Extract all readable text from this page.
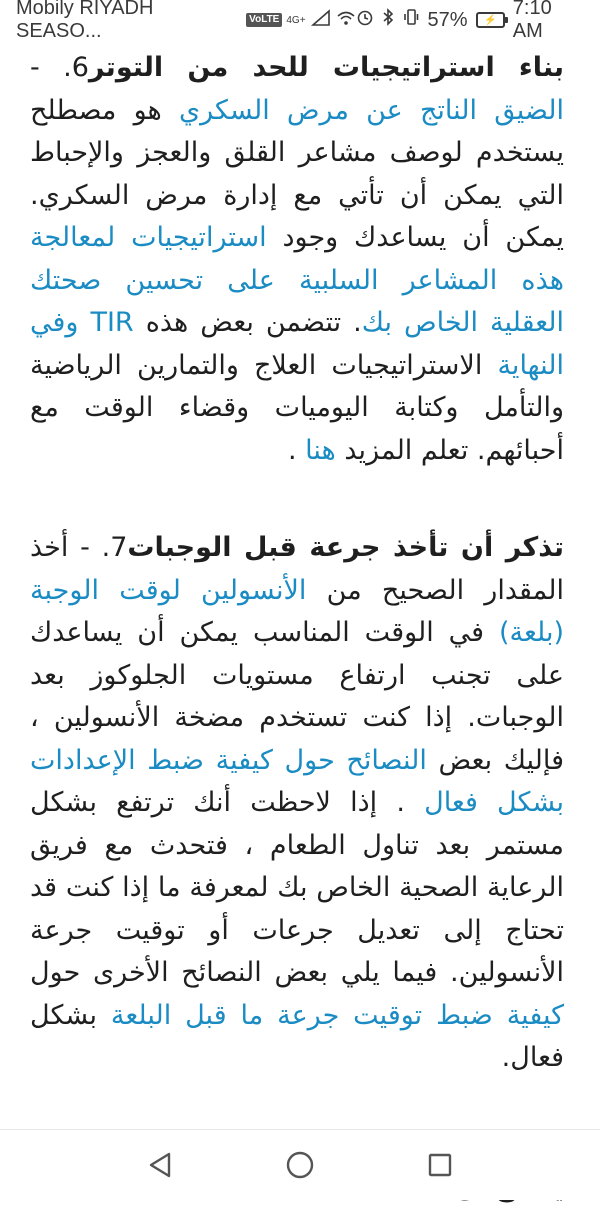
Mobily RIYADH SEASO...
VoLTE 4G+	57%	⚡
7:10 AM

بناء استراتيجيات للحد من التوتر6. - الضيق الناتج عن مرض السكري هو مصطلح يستخدم لوصف مشاعر القلق والعجز والإحباط التي يمكن أن تأتي مع إدارة مرض السكري. يمكن أن يساعدك وجود استراتيجيات لمعالجة هذه المشاعر السلبية على تحسين صحتك العقلية الخاص بك. تتضمن بعض هذه TIR وفي النهاية الاستراتيجيات العلاج والتمارين الرياضية والتأمل وكتابة اليوميات وقضاء الوقت مع أحبائهم. تعلم المزيد هنا .

تذكر أن تأخذ جرعة قبل الوجبات7. - أخذ المقدار الصحيح من الأنسولين لوقت الوجبة (بلعة) في الوقت المناسب يمكن أن يساعدك على تجنب ارتفاع مستويات الجلوكوز بعد الوجبات. إذا كنت تستخدم مضخة الأنسولين ، فإليك بعض النصائح حول كيفية ضبط الإعدادات بشكل فعال . إذا لاحظت أنك ترتفع بشكل مستمر بعد تناول الطعام ، فتحدث مع فريق الرعاية الصحية الخاص بك لمعرفة ما إذا كنت قد تحتاج إلى تعديل جرعات أو توقيت جرعة الأنسولين. فيما يلي بعض النصائح الأخرى حول كيفية ضبط توقيت جرعة ما قبل البلعة بشكل فعال.
